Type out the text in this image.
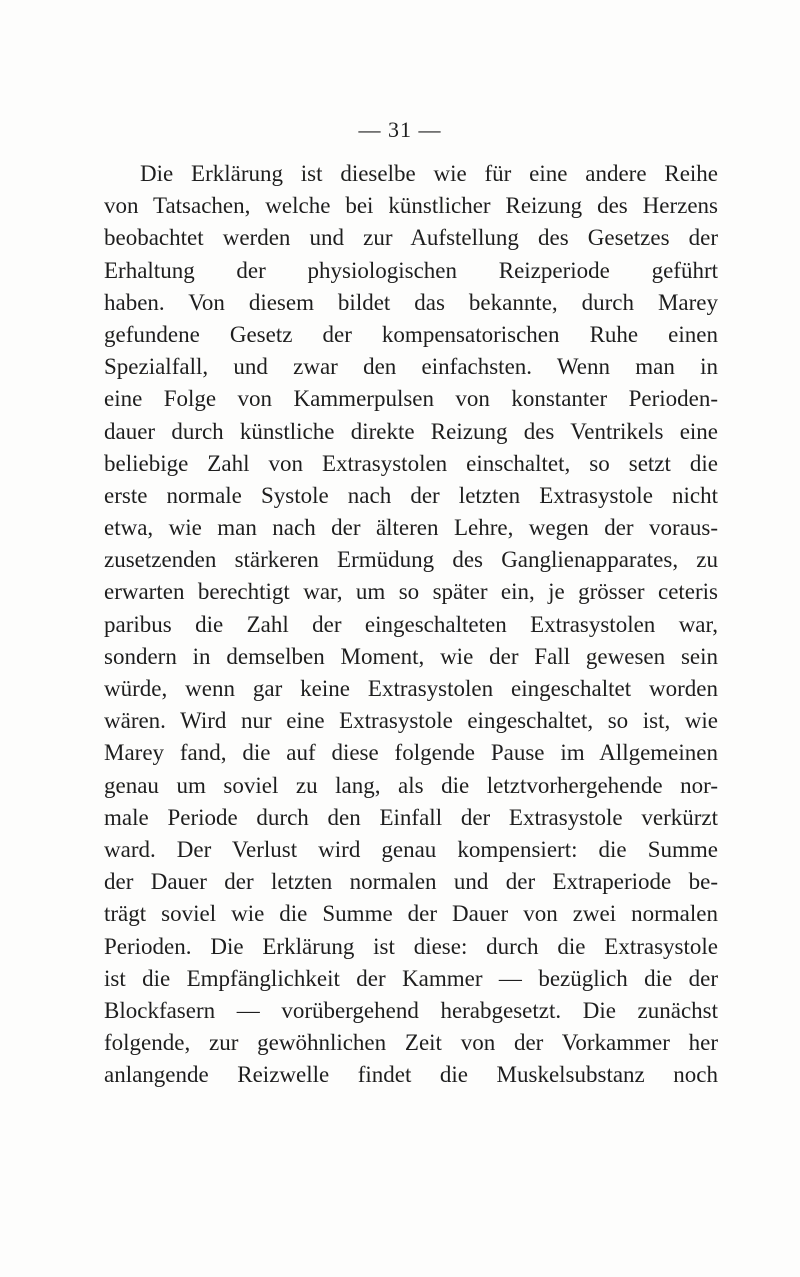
— 31 —
Die Erklärung ist dieselbe wie für eine andere Reihe
von Tatsachen, welche bei künstlicher Reizung des Herzens
beobachtet werden und zur Aufstellung des Gesetzes der
Erhaltung der physiologischen Reizperiode geführt
haben. Von diesem bildet das bekannte, durch Marey
gefundene Gesetz der kompensatorischen Ruhe einen
Spezialfall, und zwar den einfachsten. Wenn man in
eine Folge von Kammerpulsen von konstanter Perioden-
dauer durch künstliche direkte Reizung des Ventrikels eine
beliebige Zahl von Extrasystolen einschaltet, so setzt die
erste normale Systole nach der letzten Extrasystole nicht
etwa, wie man nach der älteren Lehre, wegen der voraus-
zusetzenden stärkeren Ermüdung des Ganglienapparates, zu
erwarten berechtigt war, um so später ein, je grösser ceteris
paribus die Zahl der eingeschalteten Extrasystolen war,
sondern in demselben Moment, wie der Fall gewesen sein
würde, wenn gar keine Extrasystolen eingeschaltet worden
wären. Wird nur eine Extrasystole eingeschaltet, so ist, wie
Marey fand, die auf diese folgende Pause im Allgemeinen
genau um soviel zu lang, als die letztvorhergehende nor-
male Periode durch den Einfall der Extrasystole verkürzt
ward. Der Verlust wird genau kompensiert: die Summe
der Dauer der letzten normalen und der Extraperiode be-
trägt soviel wie die Summe der Dauer von zwei normalen
Perioden. Die Erklärung ist diese: durch die Extrasystole
ist die Empfänglichkeit der Kammer — bezüglich die der
Blockfasern — vorübergehend herabgesetzt. Die zunächst
folgende, zur gewöhnlichen Zeit von der Vorkammer her
anlangende Reizwelle findet die Muskelsubstanz noch
